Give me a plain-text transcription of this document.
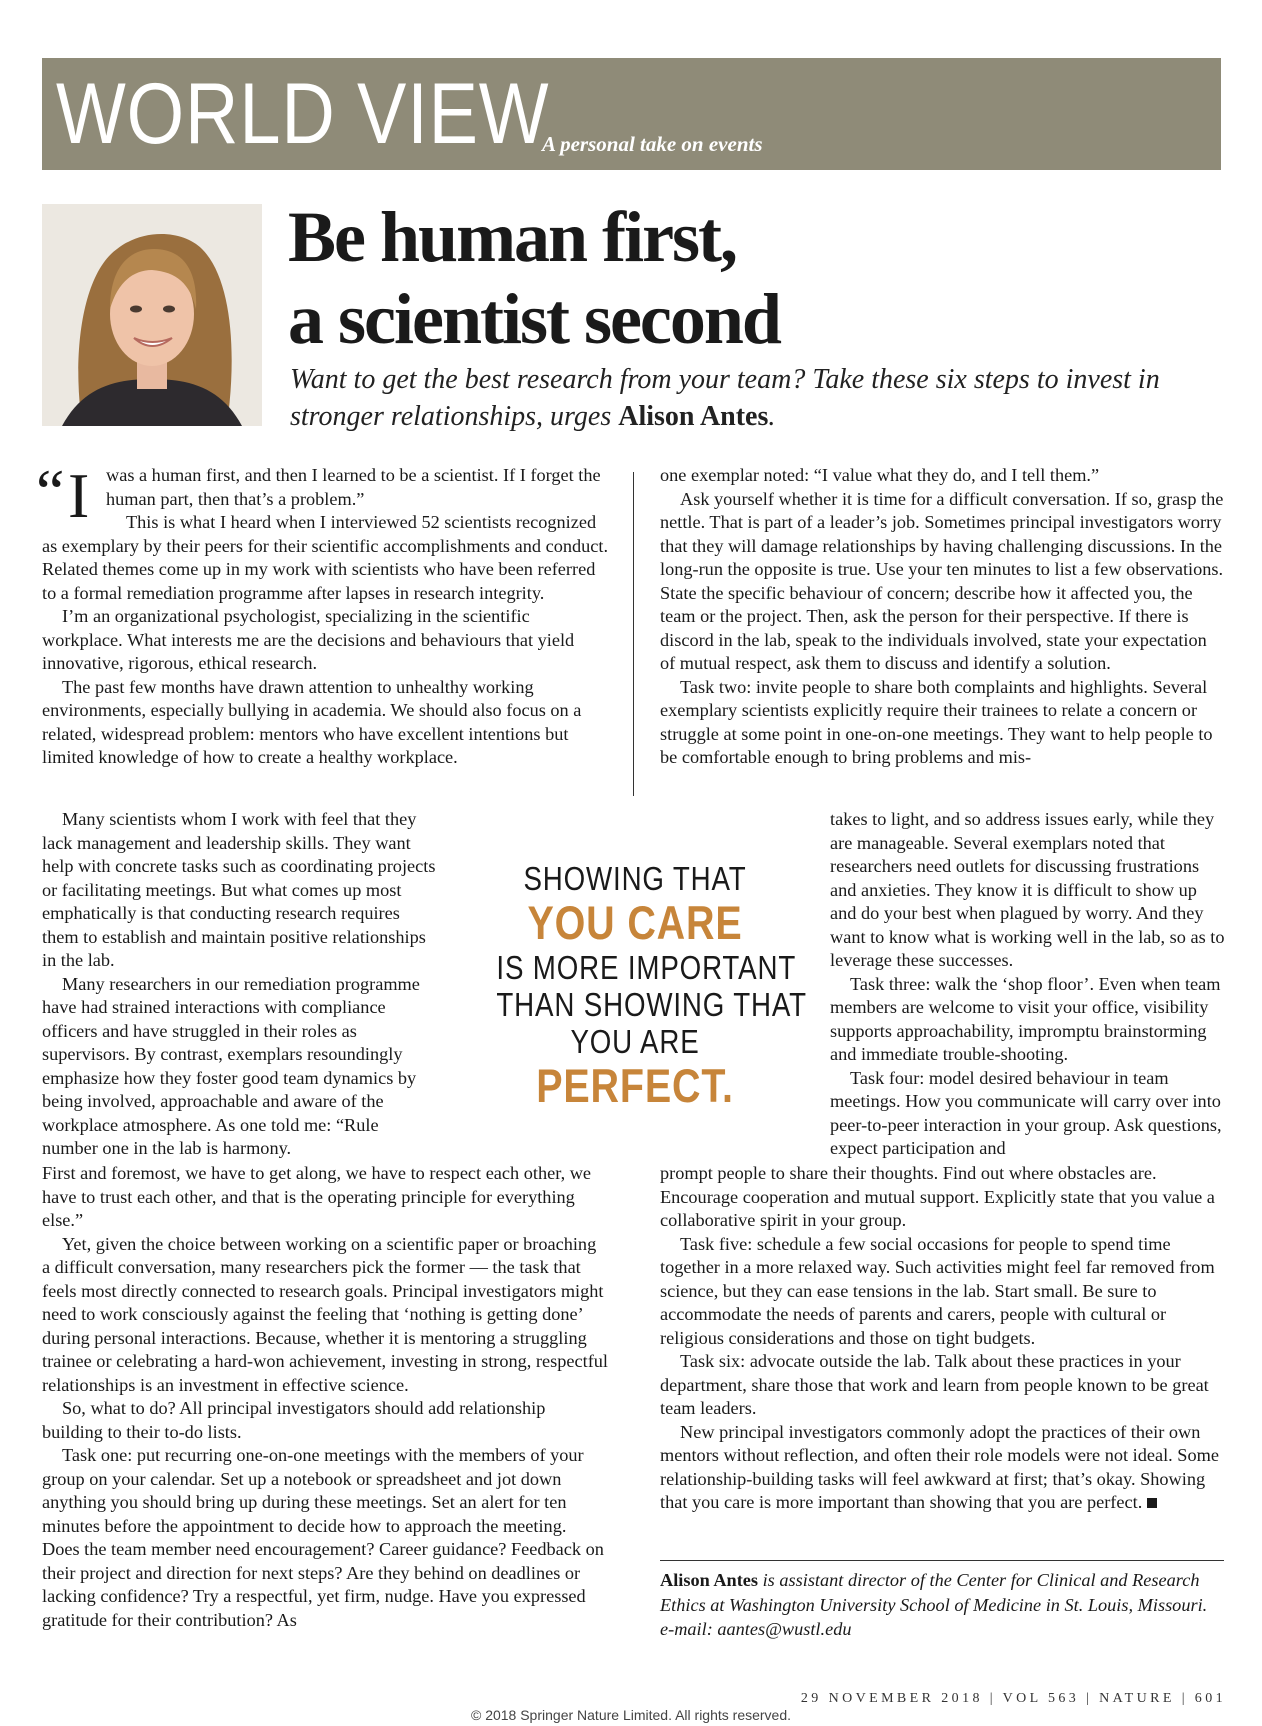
WORLD VIEW
A personal take on events
Be human first,
a scientist second

Want to get the best research from your team? Take these six steps to invest in stronger relationships, urges Alison Antes.

“ I was a human first, and then I learned to be a scientist. If I forget the human part, then that’s a problem.”

This is what I heard when I interviewed 52 scientists recognized as exemplary by their peers for their scientific accomplishments and conduct. Related themes come up in my work with scientists who have been referred to a formal remediation programme after lapses in research integrity.

I’m an organizational psychologist, specializing in the scientific workplace. What interests me are the decisions and behaviours that yield innovative, rigorous, ethical research.

The past few months have drawn attention to unhealthy working environments, especially bullying in academia. We should also focus on a related, widespread problem: mentors who have excellent intentions but limited knowledge of how to create a healthy workplace.

Many scientists whom I work with feel that they lack management and leadership skills. They want help with concrete tasks such as coordinating projects or facilitating meetings. But what comes up most emphatically is that conducting research requires them to establish and maintain positive relationships in the lab.

Many researchers in our remediation programme have had strained interactions with compliance officers and have struggled in their roles as supervisors. By contrast, exemplars resoundingly emphasize how they foster good team dynamics by being involved, approachable and aware of the workplace atmosphere. As one told me: “Rule number one in the lab is harmony.

First and foremost, we have to get along, we have to respect each other, we have to trust each other, and that is the operating principle for everything else.”

Yet, given the choice between working on a scientific paper or broaching a difficult conversation, many researchers pick the former — the task that feels most directly connected to research goals. Principal investigators might need to work consciously against the feeling that ‘nothing is getting done’ during personal interactions. Because, whether it is mentoring a struggling trainee or celebrating a hard-won achievement, investing in strong, respectful relationships is an investment in effective science.

So, what to do? All principal investigators should add relationship building to their to-do lists.

Task one: put recurring one-on-one meetings with the members of your group on your calendar. Set up a notebook or spreadsheet and jot down anything you should bring up during these meetings. Set an alert for ten minutes before the appointment to decide how to approach the meeting. Does the team member need encouragement? Career guidance? Feedback on their project and direction for next steps? Are they behind on deadlines or lacking confidence? Try a respectful, yet firm, nudge. Have you expressed gratitude for their contribution? As

one exemplar noted: “I value what they do, and I tell them.”

Ask yourself whether it is time for a difficult conversation. If so, grasp the nettle. That is part of a leader’s job. Sometimes principal investigators worry that they will damage relationships by having challenging discussions. In the long-run the opposite is true. Use your ten minutes to list a few observations. State the specific behaviour of concern; describe how it affected you, the team or the project. Then, ask the person for their perspective. If there is discord in the lab, speak to the individuals involved, state your expectation of mutual respect, ask them to discuss and identify a solution.

Task two: invite people to share both complaints and highlights. Several exemplary scientists explicitly require their trainees to relate a concern or struggle at some point in one-on-one meetings. They want to help people to be comfortable enough to bring problems and mis-

takes to light, and so address issues early, while they are manageable. Several exemplars noted that researchers need outlets for discussing frustrations and anxieties. They know it is difficult to show up and do your best when plagued by worry. And they want to know what is working well in the lab, so as to leverage these successes.

Task three: walk the ‘shop floor’. Even when team members are welcome to visit your office, visibility supports approachability, impromptu brainstorming and immediate trouble-shooting.

Task four: model desired behaviour in team meetings. How you communicate will carry over into peer-to-peer interaction in your group. Ask questions, expect participation and

prompt people to share their thoughts. Find out where obstacles are. Encourage cooperation and mutual support. Explicitly state that you value a collaborative spirit in your group.

Task five: schedule a few social occasions for people to spend time together in a more relaxed way. Such activities might feel far removed from science, but they can ease tensions in the lab. Start small. Be sure to accommodate the needs of parents and carers, people with cultural or religious considerations and those on tight budgets.

Task six: advocate outside the lab. Talk about these practices in your department, share those that work and learn from people known to be great team leaders.

New principal investigators commonly adopt the practices of their own mentors without reflection, and often their role models were not ideal. Some relationship-building tasks will feel awkward at first; that’s okay. Showing that you care is more important than showing that you are perfect.

SHOWING THAT
YOU CARE
IS MORE IMPORTANT
THAN SHOWING THAT
YOU ARE
PERFECT.
Alison Antes is assistant director of the Center for Clinical and Research Ethics at Washington University School of Medicine in St. Louis, Missouri.
e-mail: aantes@wustl.edu
29 NOVEMBER 2018 | VOL 563 | NATURE | 601
© 2018 Springer Nature Limited. All rights reserved.
